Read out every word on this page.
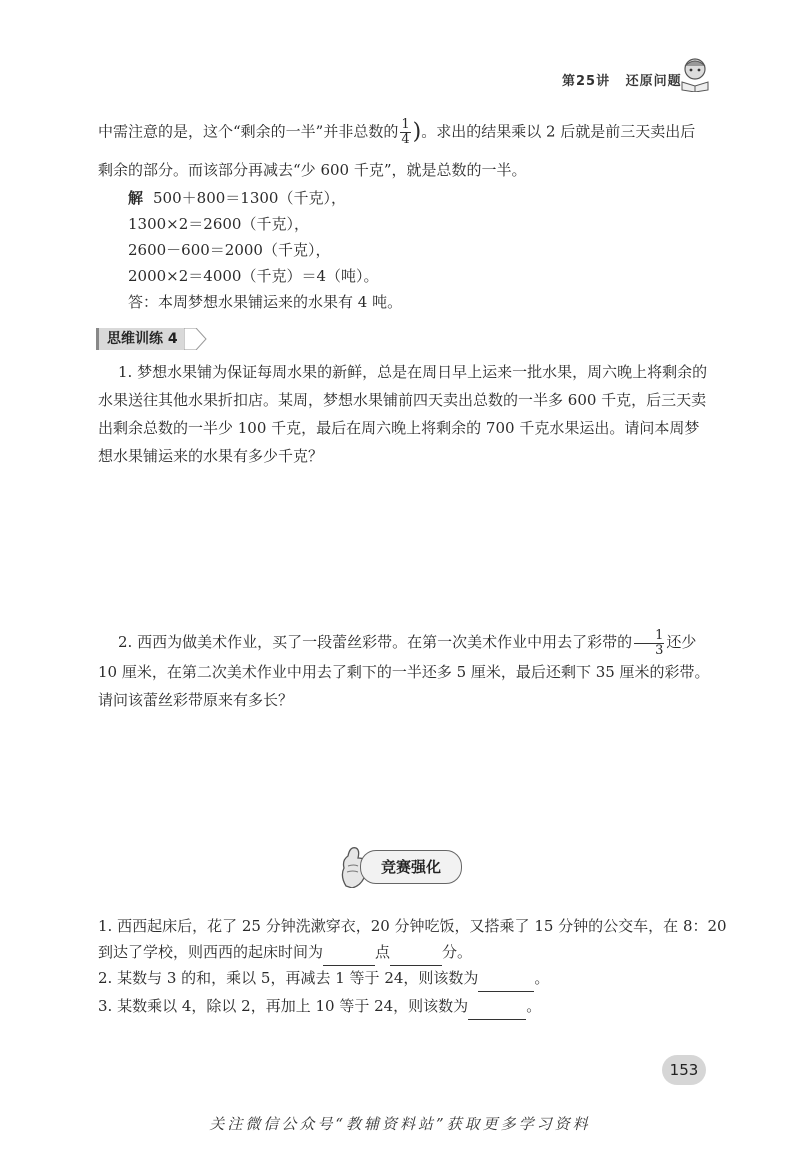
第25讲 还原问题
中需注意的是，这个“剩余的一半”并非总数的 $\frac{1}{4}$ )。求出的结果乘以 2 后就是前三天卖出后
剩余的部分。而该部分再减去“少 600 千克”，就是总数的一半。
解 500＋800＝1300（千克），
1300×2＝2600（千克），
2600－600＝2000（千克），
2000×2＝4000（千克）＝4（吨）。
答：本周梦想水果铺运来的水果有 4 吨。
思维训练 4
1. 梦想水果铺为保证每周水果的新鲜，总是在周日早上运来一批水果，周六晚上将剩余的水果送往其他水果折扣店。某周，梦想水果铺前四天卖出总数的一半多 600 千克，后三天卖出剩余总数的一半少 100 千克，最后在周六晚上将剩余的 700 千克水果运出。请问本周梦想水果铺运来的水果有多少千克？
2. 西西为做美术作业，买了一段蕾丝彩带。在第一次美术作业中用去了彩带的 $\frac{1}{3}$ 还少 10 厘米，在第二次美术作业中用去了剩下的一半还多 5 厘米，最后还剩下 35 厘米的彩带。请问该蕾丝彩带原来有多长？
竞赛强化
1. 西西起床后，花了 25 分钟洗漱穿衣，20 分钟吃饭，又搭乘了 15 分钟的公交车，在 8：20
到达了学校，则西西的起床时间为	点	分。
2. 某数与 3 的和，乘以 5，再减去 1 等于 24，则该数为	。
3. 某数乘以 4，除以 2，再加上 10 等于 24，则该数为	。
153
关注微信公众号“教辅资料站”获取更多学习资料
